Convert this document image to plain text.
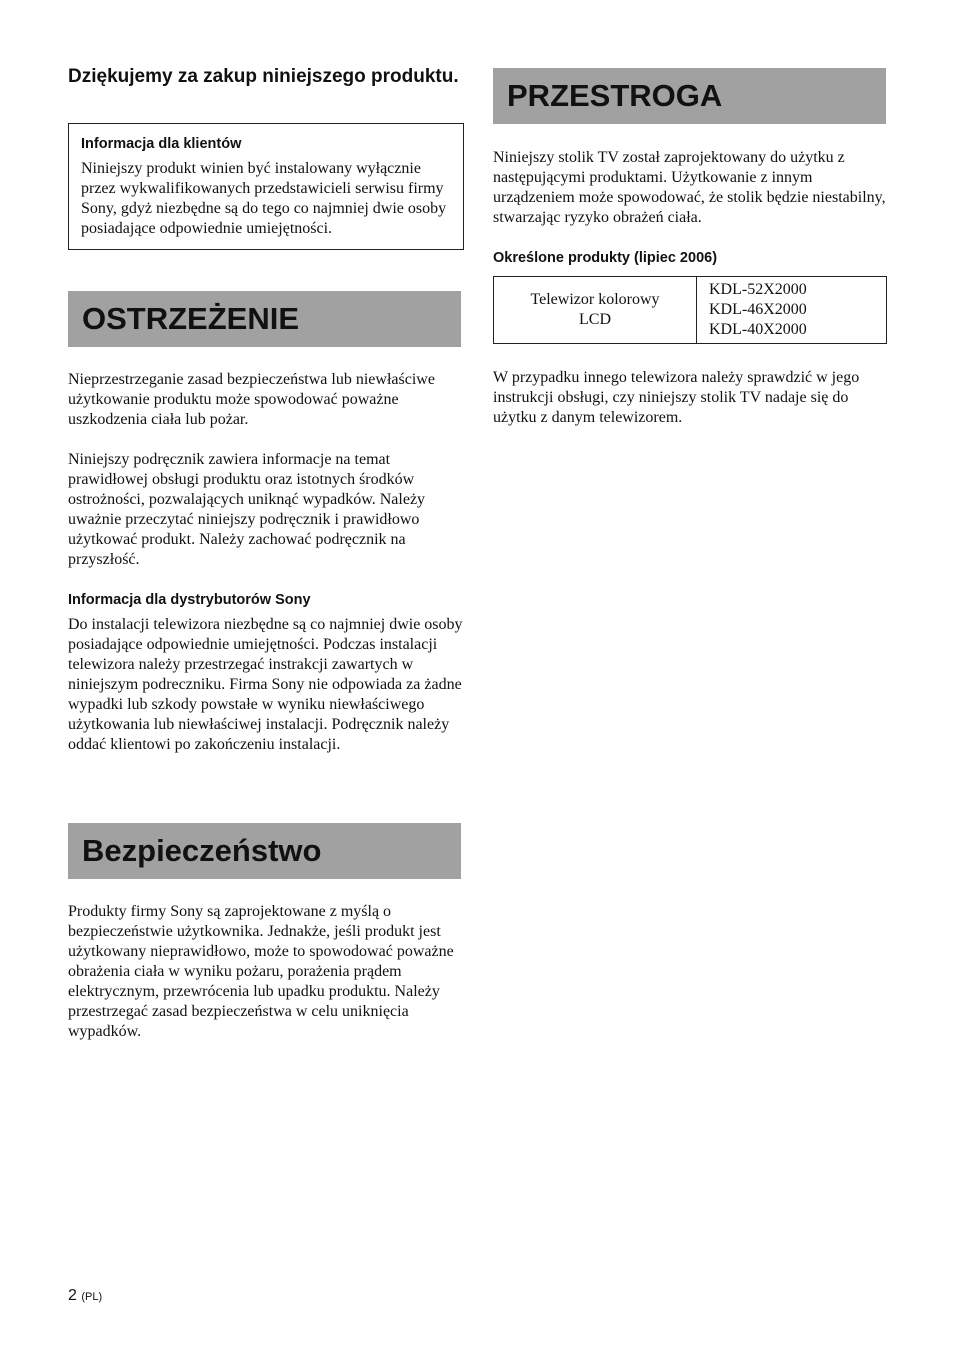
Dziękujemy za zakup niniejszego produktu.
Informacja dla klientów

Niniejszy produkt winien być instalowany wyłącznie przez wykwalifikowanych przedstawicieli serwisu firmy Sony, gdyż niezbędne są do tego co najmniej dwie osoby posiadające odpowiednie umiejętności.

OSTRZEŻENIE

Nieprzestrzeganie zasad bezpieczeństwa lub niewłaściwe użytkowanie produktu może spowodować poważne uszkodzenia ciała lub pożar.

Niniejszy podręcznik zawiera informacje na temat prawidłowej obsługi produktu oraz istotnych środków ostrożności, pozwalających uniknąć wypadków. Należy uważnie przeczytać niniejszy podręcznik i prawidłowo użytkować produkt. Należy zachować podręcznik na przyszłość.

Informacja dla dystrybutorów Sony

Do instalacji telewizora niezbędne są co najmniej dwie osoby posiadające odpowiednie umiejętności. Podczas instalacji telewizora należy przestrzegać instrakcji zawartych w niniejszym podreczniku. Firma Sony nie odpowiada za żadne wypadki lub szkody powstałe w wyniku niewłaściwego użytkowania lub niewłaściwej instalacji. Podręcznik należy oddać klientowi po zakończeniu instalacji.

Bezpieczeństwo

Produkty firmy Sony są zaprojektowane z myślą o bezpieczeństwie użytkownika. Jednakże, jeśli produkt jest użytkowany nieprawidłowo, może to spowodować poważne obrażenia ciała w wyniku pożaru, porażenia prądem elektrycznym, przewrócenia lub upadku produktu. Należy przestrzegać zasad bezpieczeństwa w celu uniknięcia wypadków.

PRZESTROGA

Niniejszy stolik TV został zaprojektowany do użytku z następującymi produktami. Użytkowanie z innym urządzeniem może spowodować, że stolik będzie niestabilny, stwarzając ryzyko obrażeń ciała.

Określone produkty (lipiec 2006)
Telewizor kolorowy
LCD

KDL-52X2000
KDL-46X2000
KDL-40X2000

W przypadku innego telewizora należy sprawdzić w jego instrukcji obsługi, czy niniejszy stolik TV nadaje się do użytku z danym telewizorem.

2 (PL)
